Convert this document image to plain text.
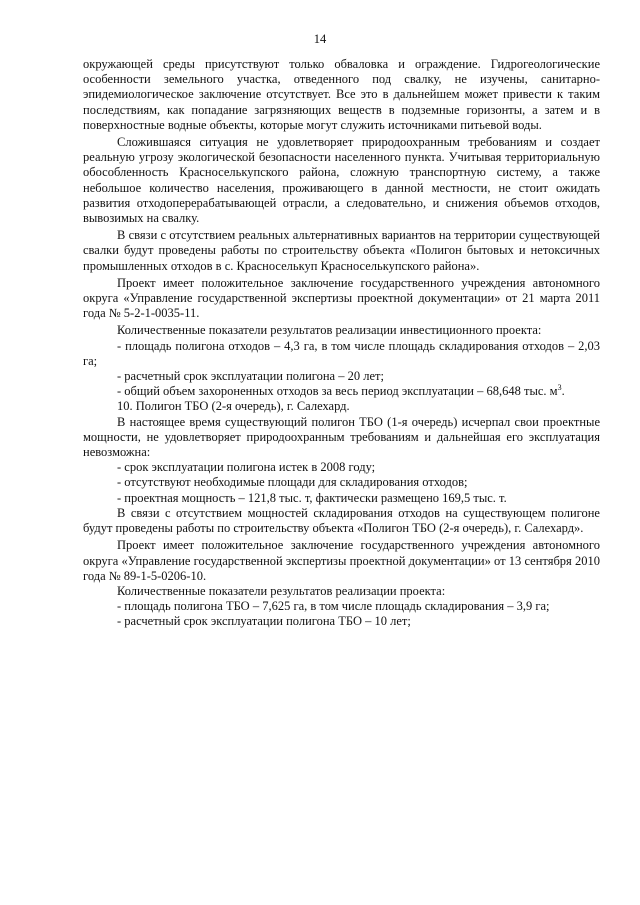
14

окружающей среды присутствуют только обваловка и ограждение. Гидрогеологические особенности земельного участка, отведенного под свалку, не изучены, санитарно-эпидемиологическое заключение отсутствует. Все это в дальнейшем может привести к таким последствиям, как попадание загрязняющих веществ в подземные горизонты, а затем и в поверхностные водные объекты, которые могут служить источниками питьевой воды.

Сложившаяся ситуация не удовлетворяет природоохранным требованиям и создает реальную угрозу экологической безопасности населенного пункта. Учитывая территориальную обособленность Красноселькупского района, сложную транспортную систему, а также небольшое количество населения, проживающего в данной местности, не стоит ожидать развития отходоперерабатывающей отрасли, а следовательно, и снижения объемов отходов, вывозимых на свалку.

В связи с отсутствием реальных альтернативных вариантов на территории существующей свалки будут проведены работы по строительству объекта «Полигон бытовых и нетоксичных промышленных отходов в с. Красноселькуп Красноселькупского района».

Проект имеет положительное заключение государственного учреждения автономного округа «Управление государственной экспертизы проектной документации» от 21 марта 2011 года № 5-2-1-0035-11.

Количественные показатели результатов реализации инвестиционного проекта:

- площадь полигона отходов – 4,3 га, в том числе площадь складирования отходов – 2,03 га;

- расчетный срок эксплуатации полигона – 20 лет;

- общий объем захороненных отходов за весь период эксплуатации – 68,648 тыс. $м^3$.

10. Полигон ТБО (2-я очередь), г. Салехард.

В настоящее время существующий полигон ТБО (1-я очередь) исчерпал свои проектные мощности, не удовлетворяет природоохранным требованиям и дальнейшая его эксплуатация невозможна:

- срок эксплуатации полигона истек в 2008 году;

- отсутствуют необходимые площади для складирования отходов;

- проектная мощность – 121,8 тыс. т, фактически размещено 169,5 тыс. т.

В связи с отсутствием мощностей складирования отходов на существующем полигоне будут проведены работы по строительству объекта «Полигон ТБО (2-я очередь), г. Салехард».

Проект имеет положительное заключение государственного учреждения автономного округа «Управление государственной экспертизы проектной документации» от 13 сентября 2010 года № 89-1-5-0206-10.

Количественные показатели результатов реализации проекта:

- площадь полигона ТБО – 7,625 га, в том числе площадь складирования – 3,9 га;

- расчетный срок эксплуатации полигона ТБО – 10 лет;
